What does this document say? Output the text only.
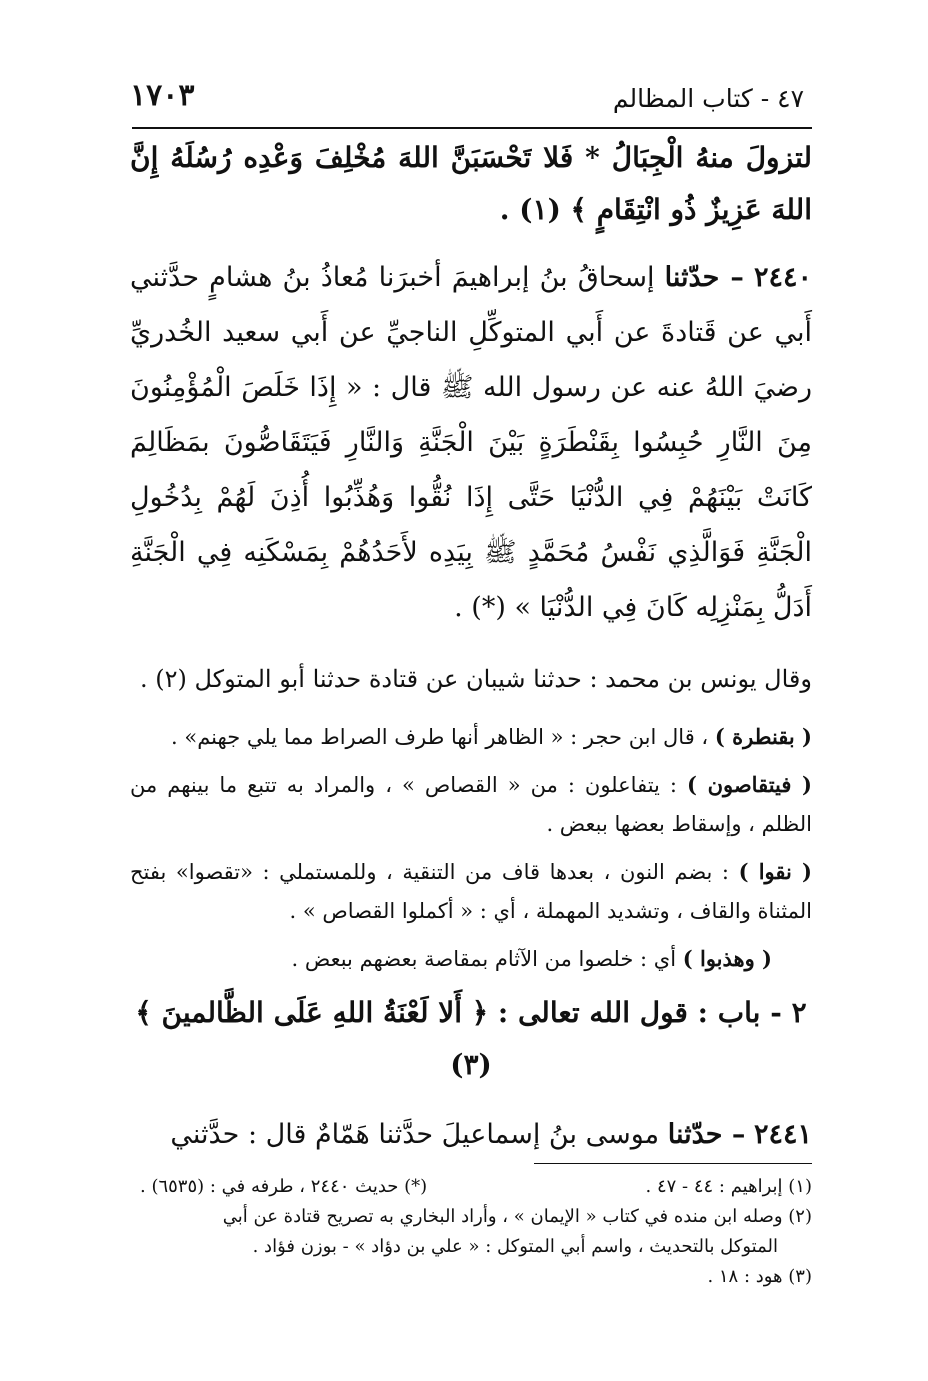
٤٧ - كتاب المظالم
١٧٠٣

لتزولَ منهُ الْجِبَالُ * فَلا تَحْسَبَنَّ اللهَ مُخْلِفَ وَعْدِه رُسُلَهُ إِنَّ اللهَ عَزِيزٌ ذُو انْتِقَامٍ ﴾ (١) .

٢٤٤٠ – حدّثنا إسحاقُ بنُ إبراهيمَ أخبرَنا مُعاذُ بنُ هشامٍ حدَّثني أَبي عن قَتادةَ عن أَبي المتوكِّلِ الناجيِّ عن أَبي سعيد الخُدريِّ رضيَ اللهُ عنه عن رسول الله ﷺ قال : « إِذَا خَلَصَ الْمُؤْمِنُونَ مِنَ النَّارِ حُبِسُوا بِقَنْطَرَةٍ بَيْنَ الْجَنَّةِ وَالنَّارِ فَيَتَقَاصُّونَ بمَظَالِمَ كَانَتْ بَيْنَهُمْ فِي الدُّنْيَا حَتَّى إِذَا نُقُّوا وَهُذِّبُوا أُذِنَ لَهُمْ بِدُخُولِ الْجَنَّةِ فَوَالَّذِي نَفْسُ مُحَمَّدٍ ﷺ بِيَدِه لأَحَدُهُمْ بِمَسْكَنِه فِي الْجَنَّةِ أَدَلُّ بِمَنْزِلِه كَانَ فِي الدُّنْيَا » (*) .

وقال يونس بن محمد : حدثنا شيبان عن قتادة حدثنا أبو المتوكل (٢) .

( بقنطرة ) ، قال ابن حجر : « الظاهر أنها طرف الصراط مما يلي جهنم» .

( فيتقاصون ) : يتفاعلون : من « القصاص » ، والمراد به تتبع ما بينهم من الظلم ، وإسقاط بعضها ببعض .

( نقوا ) : بضم النون ، بعدها قاف من التنقية ، وللمستملي : «تقصوا» بفتح المثناة والقاف ، وتشديد المهملة ، أي : « أكملوا القصاص » .

( وهذبوا ) أي : خلصوا من الآثام بمقاصة بعضهم ببعض .

٢ - باب : قول الله تعالى : ﴿ أَلا لَعْنَةُ اللهِ عَلَى الظَّالمينَ ﴾ (٣)

٢٤٤١ – حدّثنا موسى بنُ إسماعيلَ حدَّثنا هَمّامٌ قال : حدَّثني

(١) إبراهيم : ٤٤ - ٤٧ .
(*) حديث ٢٤٤٠ ، طرفه في : (٦٥٣٥) .

(٢) وصله ابن منده في كتاب « الإيمان » ، وأراد البخاري به تصريح قتادة عن أبي

المتوكل بالتحديث ، واسم أبي المتوكل : « علي بن دؤاد » - بوزن فؤاد .

(٣) هود : ١٨ .
